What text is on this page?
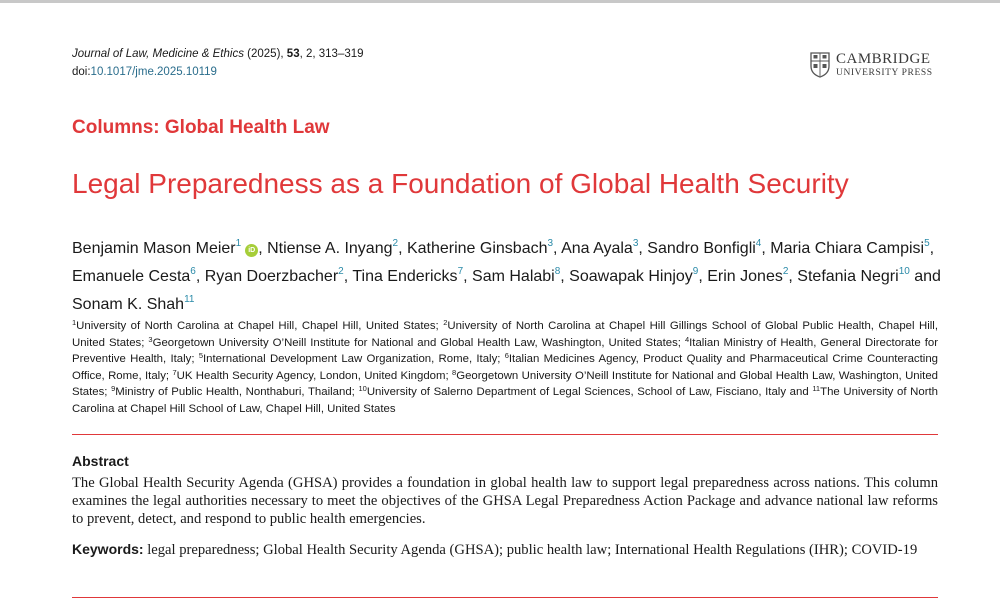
Journal of Law, Medicine & Ethics (2025), 53, 2, 313–319
doi:10.1017/jme.2025.10119
CAMBRIDGE
UNIVERSITY PRESS
Columns: Global Health Law
Legal Preparedness as a Foundation of Global Health Security
Benjamin Mason Meier$^1$iD , Ntiense A. Inyang$^2$, Katherine Ginsbach$^3$, Ana Ayala$^3$, Sandro Bonfigli$^4$, Maria Chiara Campisi$^5$, Emanuele Cesta$^6$, Ryan Doerzbacher$^2$, Tina Endericks$^7$, Sam Halabi$^8$, Soawapak Hinjoy$^9$, Erin Jones$^2$, Stefania Negri$^{10}$ and Sonam K. Shah$^{11}$
$^1$University of North Carolina at Chapel Hill, Chapel Hill, United States; $^2$University of North Carolina at Chapel Hill Gillings School of Global Public Health, Chapel Hill, United States; $^3$Georgetown University O’Neill Institute for National and Global Health Law, Washington, United States; $^4$Italian Ministry of Health, General Directorate for Preventive Health, Italy; $^5$International Development Law Organization, Rome, Italy; $^6$Italian Medicines Agency, Product Quality and Pharmaceutical Crime Counteracting Office, Rome, Italy; $^7$UK Health Security Agency, London, United Kingdom; $^8$Georgetown University O’Neill Institute for National and Global Health Law, Washington, United States; $^9$Ministry of Public Health, Nonthaburi, Thailand; $^{10}$University of Salerno Department of Legal Sciences, School of Law, Fisciano, Italy and $^{11}$The University of North Carolina at Chapel Hill School of Law, Chapel Hill, United States
Abstract
The Global Health Security Agenda (GHSA) provides a foundation in global health law to support legal preparedness across nations. This column examines the legal authorities necessary to meet the objectives of the GHSA Legal Preparedness Action Package and advance national law reforms to prevent, detect, and respond to public health emergencies.
Keywords: legal preparedness; Global Health Security Agenda (GHSA); public health law; International Health Regulations (IHR); COVID-19
